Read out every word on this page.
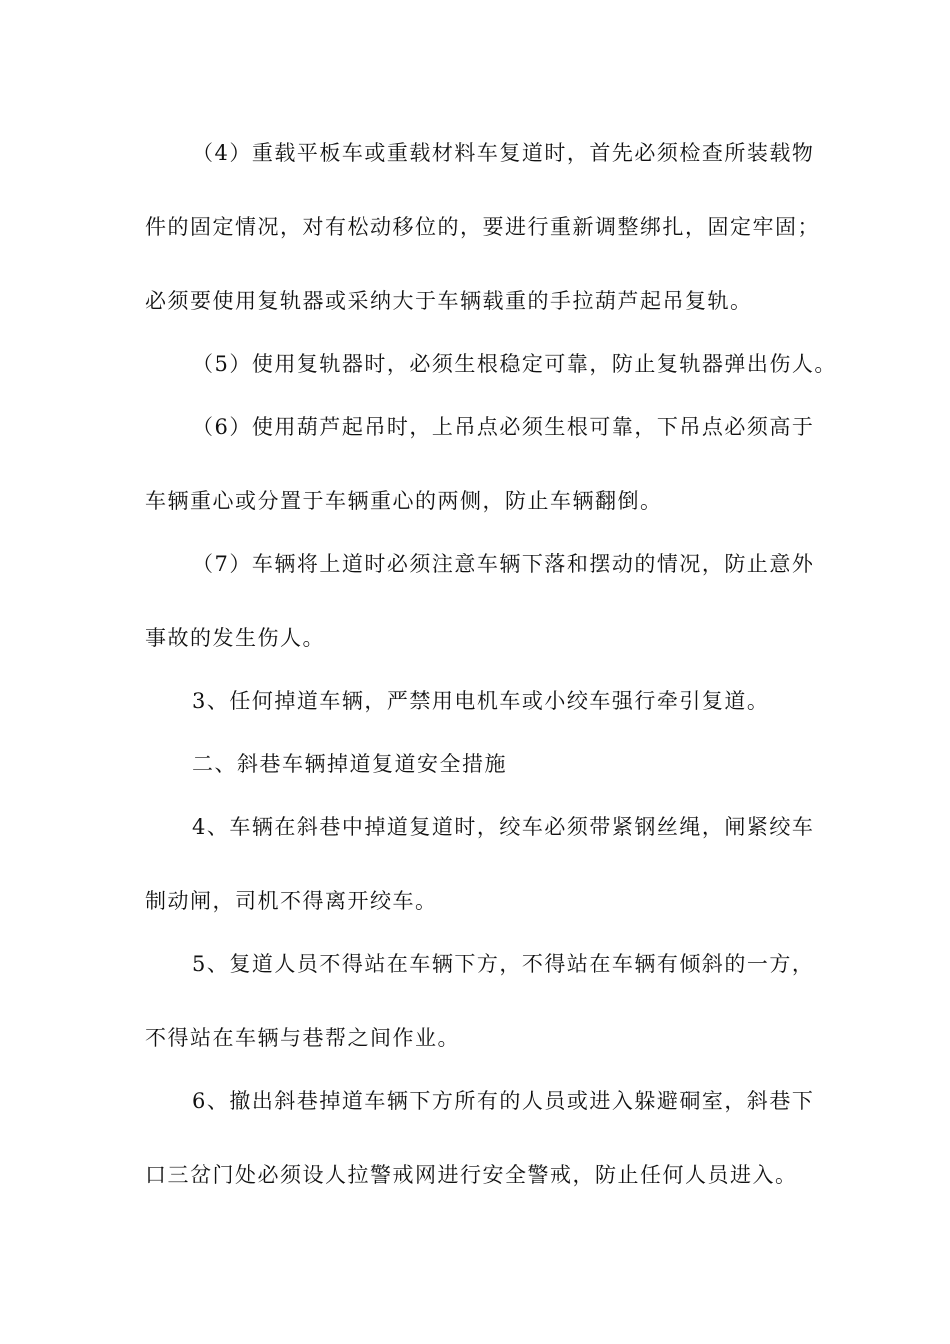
（4）重载平板车或重载材料车复道时，首先必须检查所装载物
件的固定情况，对有松动移位的，要进行重新调整绑扎，固定牢固；
必须要使用复轨器或采纳大于车辆载重的手拉葫芦起吊复轨。
（5）使用复轨器时，必须生根稳定可靠，防止复轨器弹出伤人。
（6）使用葫芦起吊时，上吊点必须生根可靠，下吊点必须高于
车辆重心或分置于车辆重心的两侧，防止车辆翻倒。
（7）车辆将上道时必须注意车辆下落和摆动的情况，防止意外
事故的发生伤人。
3、任何掉道车辆，严禁用电机车或小绞车强行牵引复道。
二、斜巷车辆掉道复道安全措施
4、车辆在斜巷中掉道复道时，绞车必须带紧钢丝绳，闸紧绞车
制动闸，司机不得离开绞车。
5、复道人员不得站在车辆下方，不得站在车辆有倾斜的一方，
不得站在车辆与巷帮之间作业。
6、撤出斜巷掉道车辆下方所有的人员或进入躲避硐室，斜巷下
口三岔门处必须设人拉警戒网进行安全警戒，防止任何人员进入。
